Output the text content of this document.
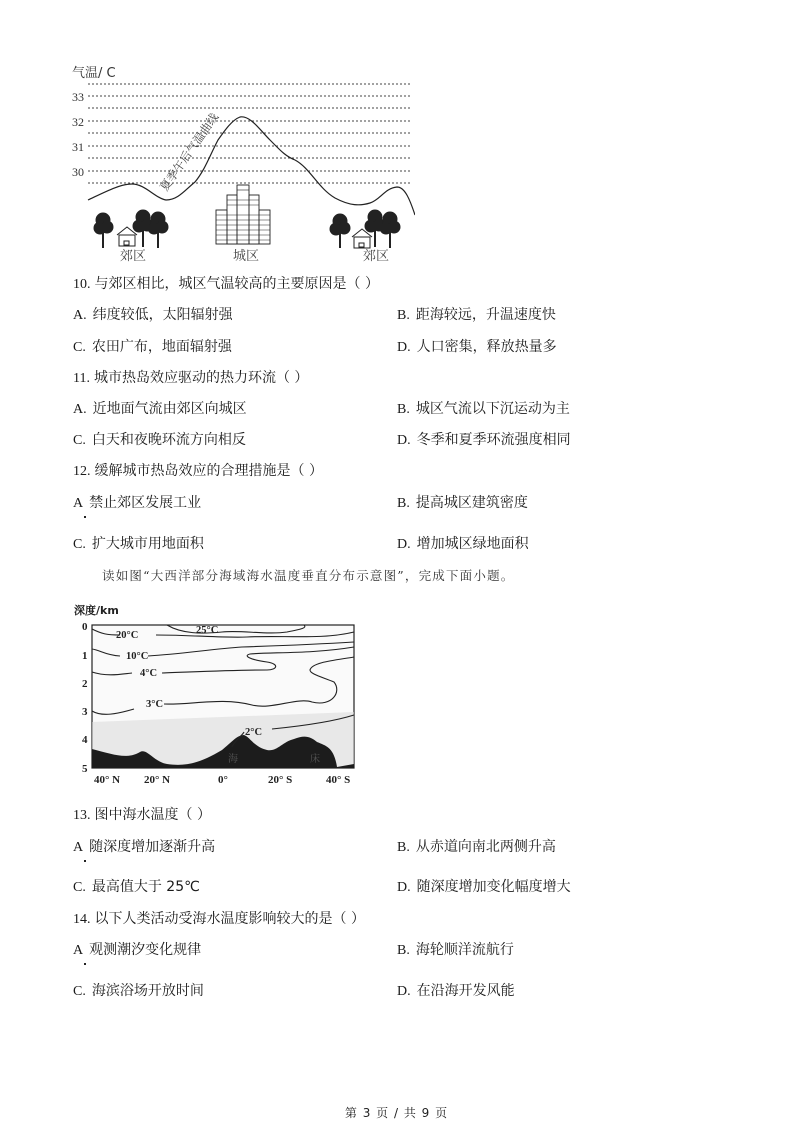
气温/ C
33
32
31
30	夏季午后气温曲线
郊区	城区	郊区
10. 与郊区相比，城区气温较高的主要原因是（ ）
A. 纬度较低，太阳辐射强	B. 距海较远，升温速度快
C. 农田广布，地面辐射强	D. 人口密集，释放热量多
11. 城市热岛效应驱动的热力环流（ ）
A. 近地面气流由郊区向城区	B. 城区气流以下沉运动为主
C. 白天和夜晚环流方向相反	D. 冬季和夏季环流强度相同
12. 缓解城市热岛效应的合理措施是（ ）
A 禁止郊区发展工业	B. 提高城区建筑密度
C. 扩大城市用地面积	D. 增加城区绿地面积
读如图“大西洋部分海域海水温度垂直分布示意图”，完成下面小题。
深度/km
20°C	25°C
10°C
4°C
3°C
2°C
海	床
0
1
2
3
4
5
40° N 20° N	0°	20° S	40° S
13. 图中海水温度（ ）
A 随深度增加逐渐升高	B. 从赤道向南北两侧升高
C. 最高值大于 25℃	D. 随深度增加变化幅度增大
14. 以下人类活动受海水温度影响较大的是（ ）
A 观测潮汐变化规律	B. 海轮顺洋流航行
C. 海滨浴场开放时间	D. 在沿海开发风能
第 3 页 / 共 9 页
